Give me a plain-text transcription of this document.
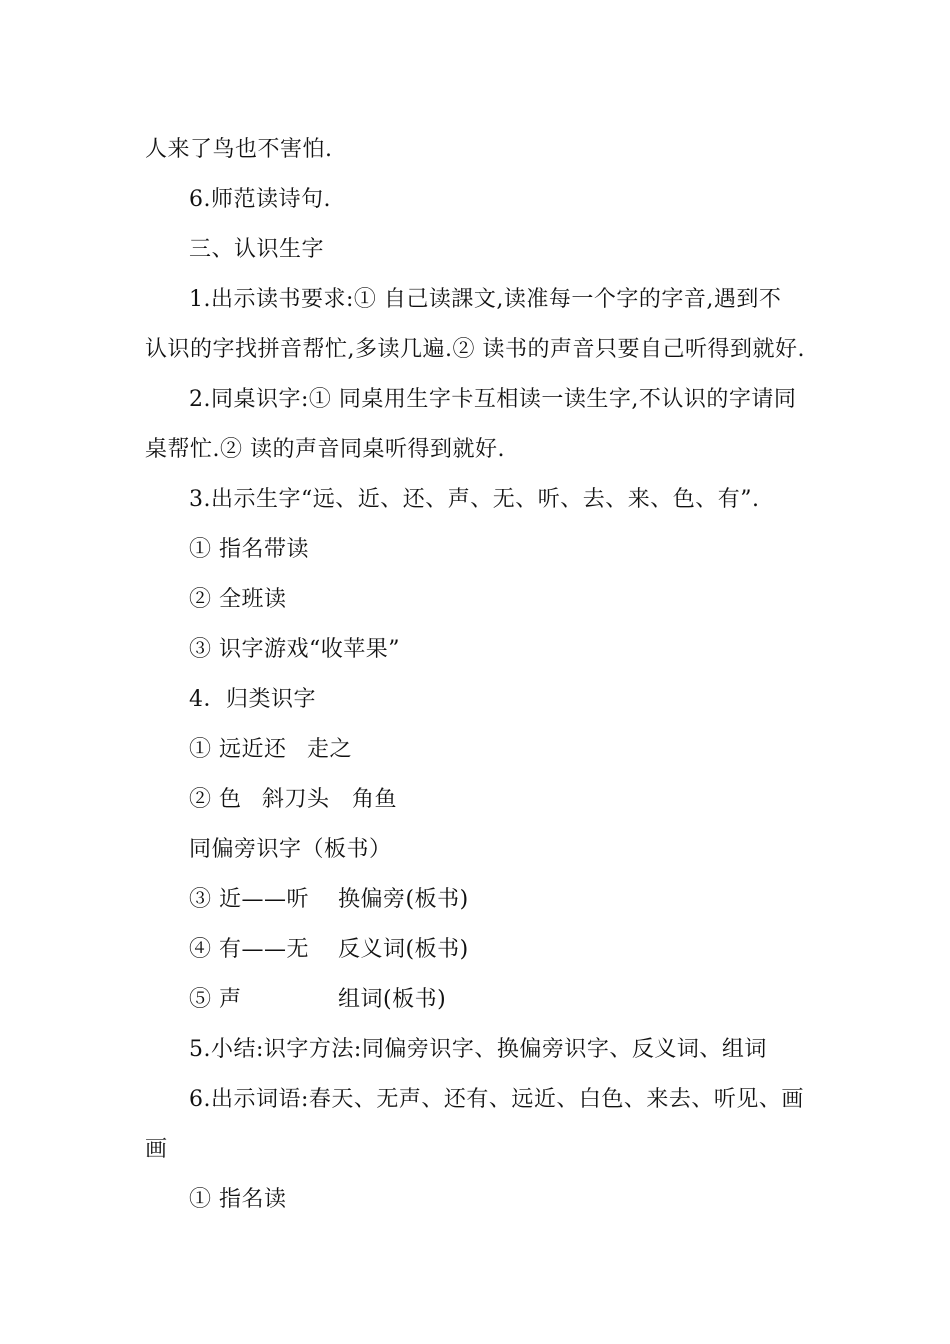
人来了鸟也不害怕.
6.师范读诗句.
三、认识生字
1.出示读书要求:① 自己读課文,读准每一个字的字音,遇到不
认识的字找拼音帮忙,多读几遍.② 读书的声音只要自己听得到就好.
2.同桌识字:① 同桌用生字卡互相读一读生字,不认识的字请同
桌帮忙.② 读的声音同桌听得到就好.
3.出示生字“远、近、还、声、无、听、去、来、色、有”.
① 指名带读
② 全班读
③ 识字游戏“收苹果”
4．归类识字
① 远近还 走之
② 色 斜刀头 角鱼
同偏旁识字（板书）
③ 近——听 换偏旁(板书)
④ 有——无 反义词(板书)
⑤ 声	组词(板书)
5.小结:识字方法:同偏旁识字、换偏旁识字、反义词、组词
6.出示词语:春天、无声、还有、远近、白色、来去、听见、画
画
① 指名读
